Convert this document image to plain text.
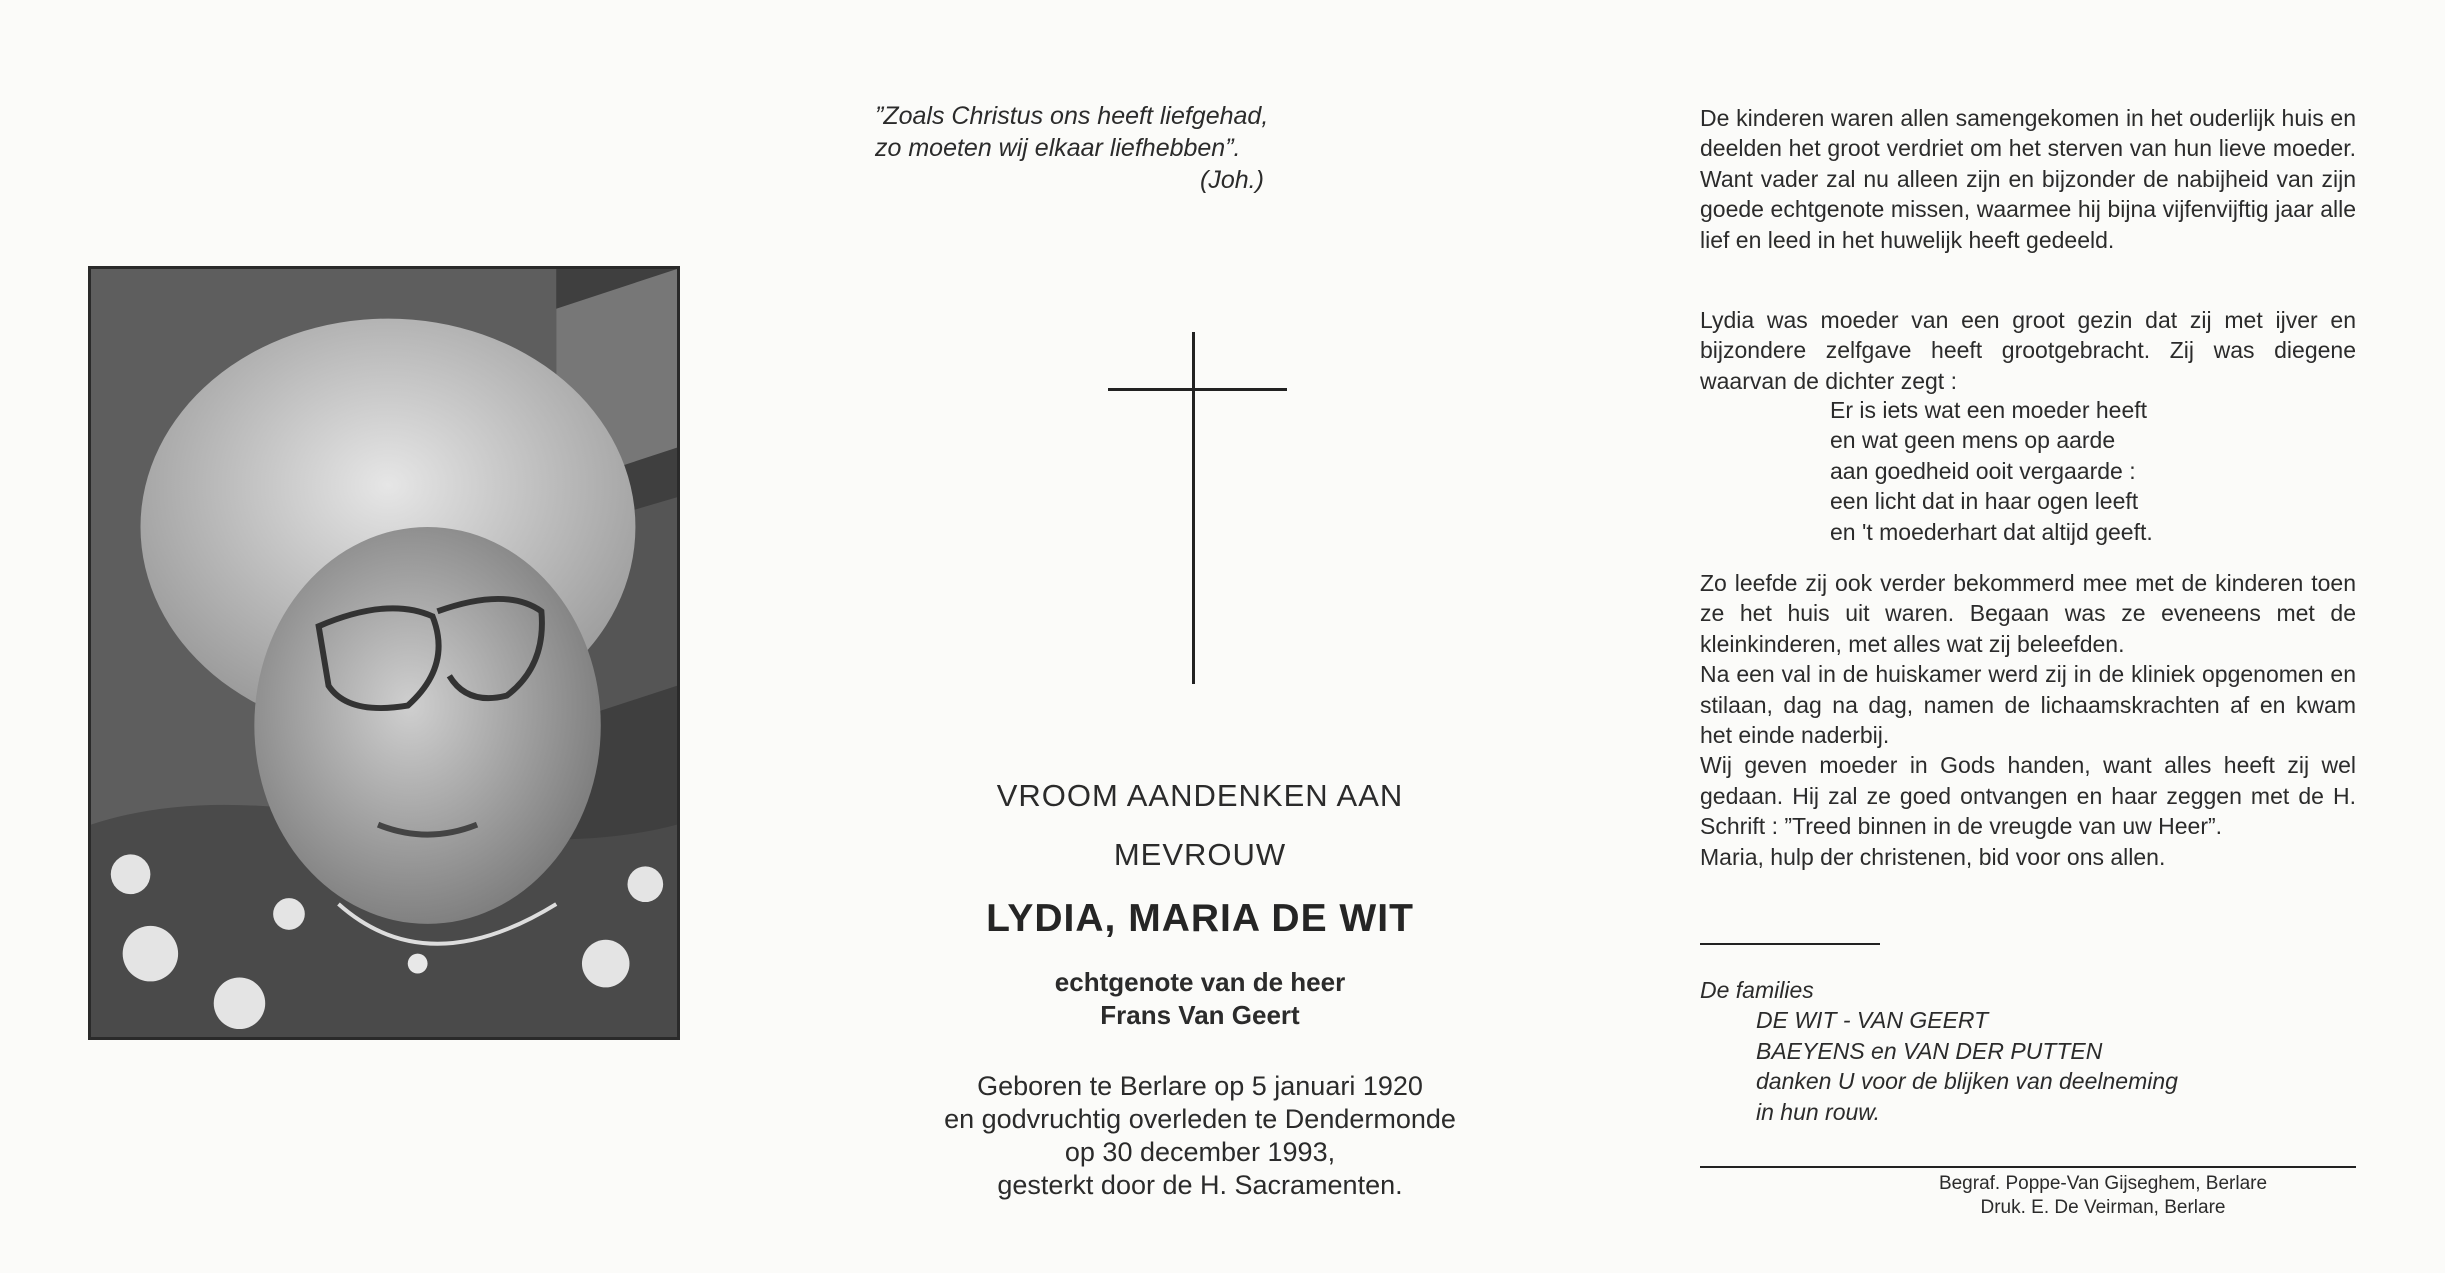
”Zoals Christus ons heeft liefgehad,
zo moeten wij elkaar liefhebben”.
(Joh.)
VROOM AANDENKEN AAN
MEVROUW
LYDIA, MARIA DE WIT
echtgenote van de heer
Frans Van Geert
Geboren te Berlare op 5 januari 1920
en godvruchtig overleden te Dendermonde
op 30 december 1993,
gesterkt door de H. Sacramenten.

De kinderen waren allen samengekomen in het ouderlijk huis en deelden het groot verdriet om het sterven van hun lieve moeder. Want vader zal nu alleen zijn en bijzonder de nabijheid van zijn goede echtgenote missen, waarmee hij bijna vijfenvijftig jaar alle lief en leed in het huwelijk heeft gedeeld.

Lydia was moeder van een groot gezin dat zij met ijver en bijzondere zelfgave heeft grootgebracht. Zij was diegene waarvan de dichter zegt :

Er is iets wat een moeder heeft
en wat geen mens op aarde
aan goedheid ooit vergaarde :
een licht dat in haar ogen leeft
en 't moederhart dat altijd geeft.

Zo leefde zij ook verder bekommerd mee met de kinderen toen ze het huis uit waren. Begaan was ze eveneens met de kleinkinderen, met alles wat zij beleefden.

Na een val in de huiskamer werd zij in de kliniek opgenomen en stilaan, dag na dag, namen de lichaamskrachten af en kwam het einde naderbij.

Wij geven moeder in Gods handen, want alles heeft zij wel gedaan. Hij zal ze goed ontvangen en haar zeggen met de H. Schrift : ”Treed binnen in de vreugde van uw Heer”.

Maria, hulp der christenen, bid voor ons allen.

De families
DE WIT - VAN GEERT
BAEYENS en VAN DER PUTTEN
danken U voor de blijken van deelneming
in hun rouw.
Begraf. Poppe-Van Gijseghem, Berlare
Druk. E. De Veirman, Berlare
